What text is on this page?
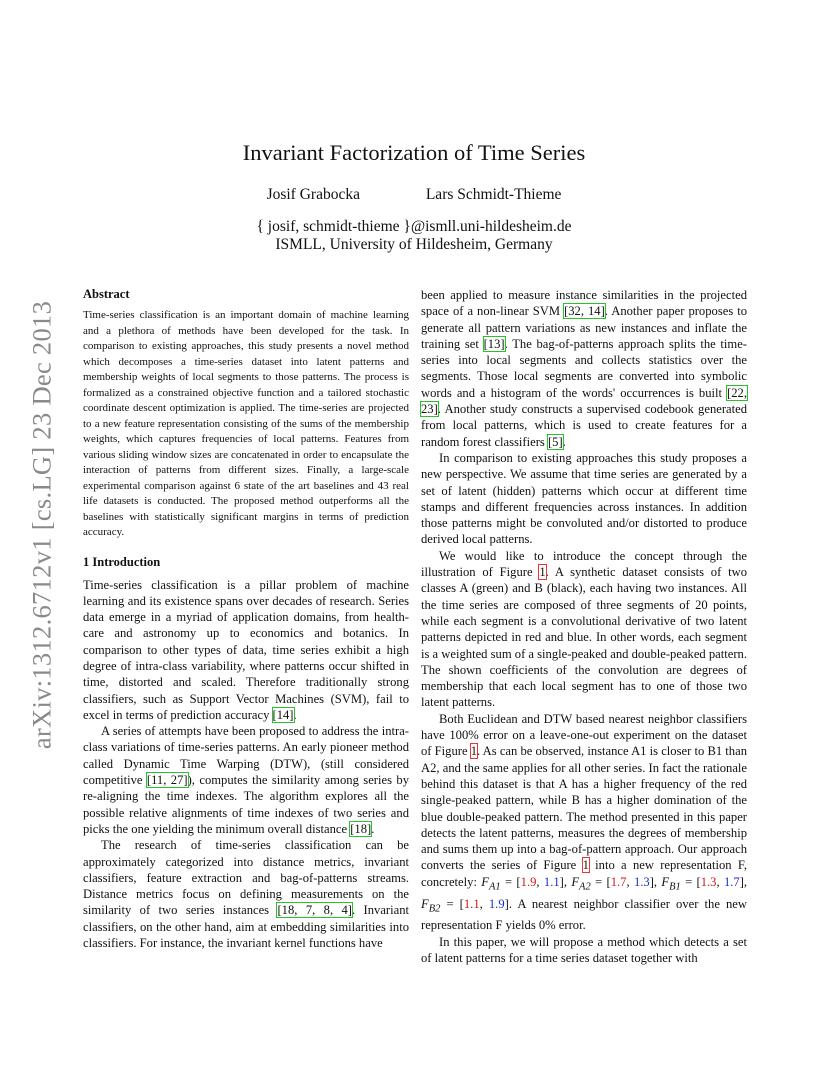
arXiv:1312.6712v1 [cs.LG] 23 Dec 2013
Invariant Factorization of Time Series
Josif Grabocka	Lars Schmidt-Thieme
{ josif, schmidt-thieme }@ismll.uni-hildesheim.de
ISMLL, University of Hildesheim, Germany
Abstract

Time-series classification is an important domain of machine learning and a plethora of methods have been developed for the task. In comparison to existing approaches, this study presents a novel method which decomposes a time-series dataset into latent patterns and membership weights of local segments to those patterns. The process is formalized as a constrained objective function and a tailored stochastic coordinate descent optimization is applied. The time-series are projected to a new feature representation consisting of the sums of the membership weights, which captures frequencies of local patterns. Features from various sliding window sizes are concatenated in order to encapsulate the interaction of patterns from different sizes. Finally, a large-scale experimental comparison against 6 state of the art baselines and 43 real life datasets is conducted. The proposed method outperforms all the baselines with statistically significant margins in terms of prediction accuracy.

1 Introduction

Time-series classification is a pillar problem of machine learning and its existence spans over decades of research. Series data emerge in a myriad of application domains, from health-care and astronomy up to economics and botanics. In comparison to other types of data, time series exhibit a high degree of intra-class variability, where patterns occur shifted in time, distorted and scaled. Therefore traditionally strong classifiers, such as Support Vector Machines (SVM), fail to excel in terms of prediction accuracy [14].

A series of attempts have been proposed to address the intra-class variations of time-series patterns. An early pioneer method called Dynamic Time Warping (DTW), (still considered competitive [11, 27]), computes the similarity among series by re-aligning the time indexes. The algorithm explores all the possible relative alignments of time indexes of two series and picks the one yielding the minimum overall distance [18].

The research of time-series classification can be approximately categorized into distance metrics, invariant classifiers, feature extraction and bag-of-patterns streams. Distance metrics focus on defining measurements on the similarity of two series instances [18, 7, 8, 4]. Invariant classifiers, on the other hand, aim at embedding similarities into classifiers. For instance, the invariant kernel functions have

been applied to measure instance similarities in the projected space of a non-linear SVM [32, 14]. Another paper proposes to generate all pattern variations as new instances and inflate the training set [13]. The bag-of-patterns approach splits the time-series into local segments and collects statistics over the segments. Those local segments are converted into symbolic words and a histogram of the words' occurrences is built [22, 23]. Another study constructs a supervised codebook generated from local patterns, which is used to create features for a random forest classifiers [5].

In comparison to existing approaches this study proposes a new perspective. We assume that time series are generated by a set of latent (hidden) patterns which occur at different time stamps and different frequencies across instances. In addition those patterns might be convoluted and/or distorted to produce derived local patterns.

We would like to introduce the concept through the illustration of Figure 1. A synthetic dataset consists of two classes A (green) and B (black), each having two instances. All the time series are composed of three segments of 20 points, while each segment is a convolutional derivative of two latent patterns depicted in red and blue. In other words, each segment is a weighted sum of a single-peaked and double-peaked pattern. The shown coefficients of the convolution are degrees of membership that each local segment has to one of those two latent patterns.

Both Euclidean and DTW based nearest neighbor classifiers have 100% error on a leave-one-out experiment on the dataset of Figure 1. As can be observed, instance A1 is closer to B1 than A2, and the same applies for all other series. In fact the rationale behind this dataset is that A has a higher frequency of the red single-peaked pattern, while B has a higher domination of the blue double-peaked pattern. The method presented in this paper detects the latent patterns, measures the degrees of membership and sums them up into a bag-of-pattern approach. Our approach converts the series of Figure 1 into a new representation F, concretely: $F_{A1} = [1.9$, 1.1], $F_{A2} = [1.7$, 1.3], $F_{B1} = [1.3$, 1.7], $F_{B2} = [1.1$, 1.9]. A nearest neighbor classifier over the new representation F yields 0% error.

In this paper, we will propose a method which detects a set of latent patterns for a time series dataset together with
